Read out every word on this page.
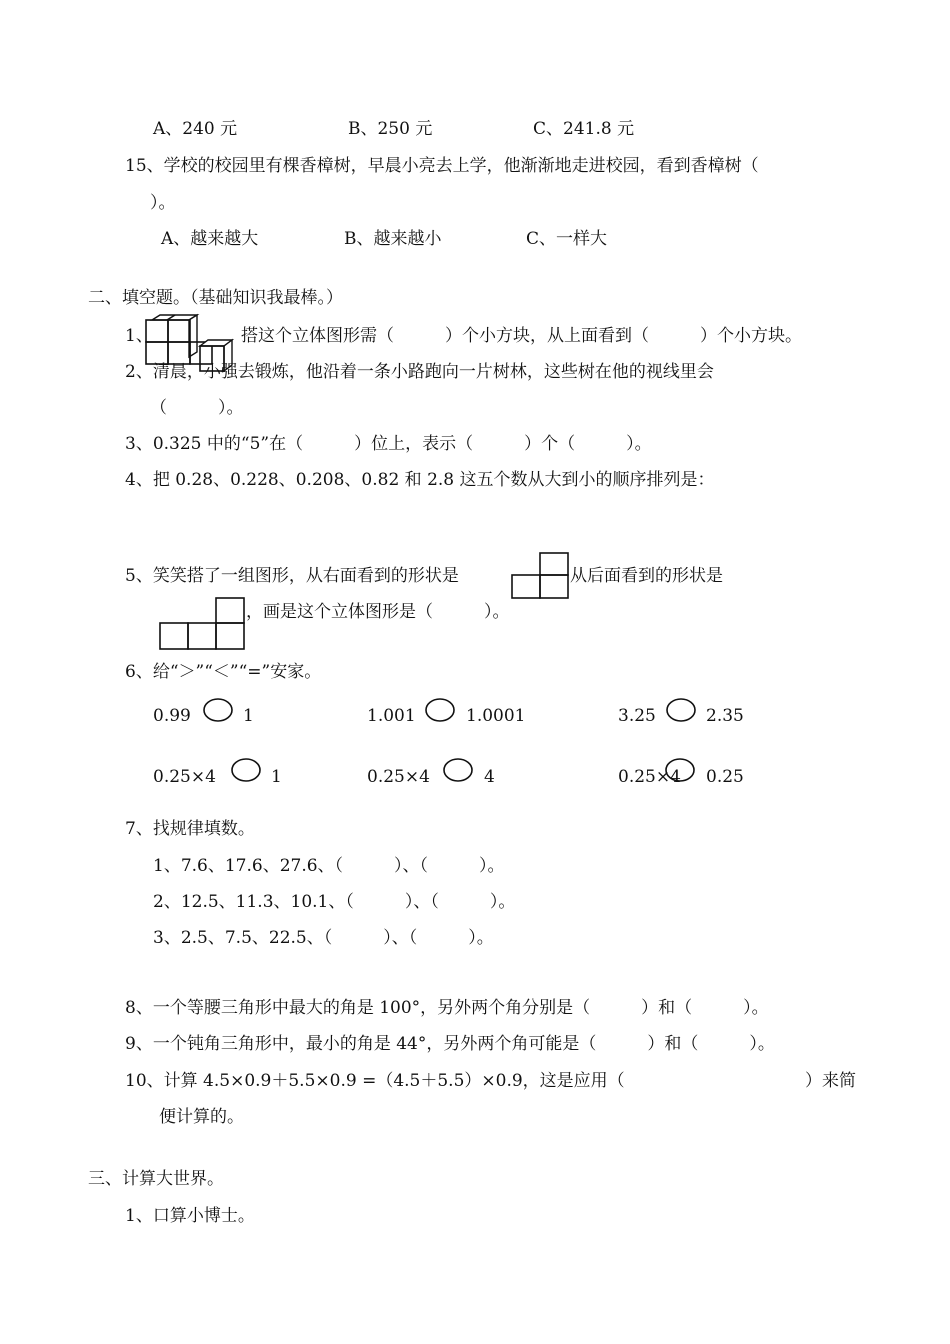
A、240 元	B、250 元	C、241.8 元
15、学校的校园里有棵香樟树，早晨小亮去上学，他渐渐地走进校园，看到香樟树（
）。
A、越来越大	B、越来越小	C、一样大
二、填空题。（基础知识我最棒。）
1、	搭这个立体图形需（　　　）个小方块，从上面看到（　　　）个小方块。
2、清晨，小强去锻炼，他沿着一条小路跑向一片树林，这些树在他的视线里会
（　　　）。
3、0.325 中的“5”在（　　　）位上，表示（　　　）个（　　　）。
4、把 0.28、0.228、0.208、0.82 和 2.8 这五个数从大到小的顺序排列是：
5、笑笑搭了一组图形，从右面看到的形状是	从后面看到的形状是
，画是这个立体图形是（　　　）。
6、给“＞”“＜”“=”安家。
0.99	1	1.001	1.0001	3.25	2.35
0.25×4	1	0.25×4	4	0.25×4 0.25
7、找规律填数。
1、7.6、17.6、27.6、（　　　）、（　　　）。
2、12.5、11.3、10.1、（　　　）、（　　　）。
3、2.5、7.5、22.5、（　　　）、（　　　）。
8、一个等腰三角形中最大的角是 100°，另外两个角分别是（　　　）和（　　　）。
9、一个钝角三角形中，最小的角是 44°，另外两个角可能是（　　　）和（　　　）。
10、计算 4.5×0.9＋5.5×0.9 =（4.5＋5.5）×0.9，这是应用（	）来简
便计算的。
三、计算大世界。
1、口算小博士。
